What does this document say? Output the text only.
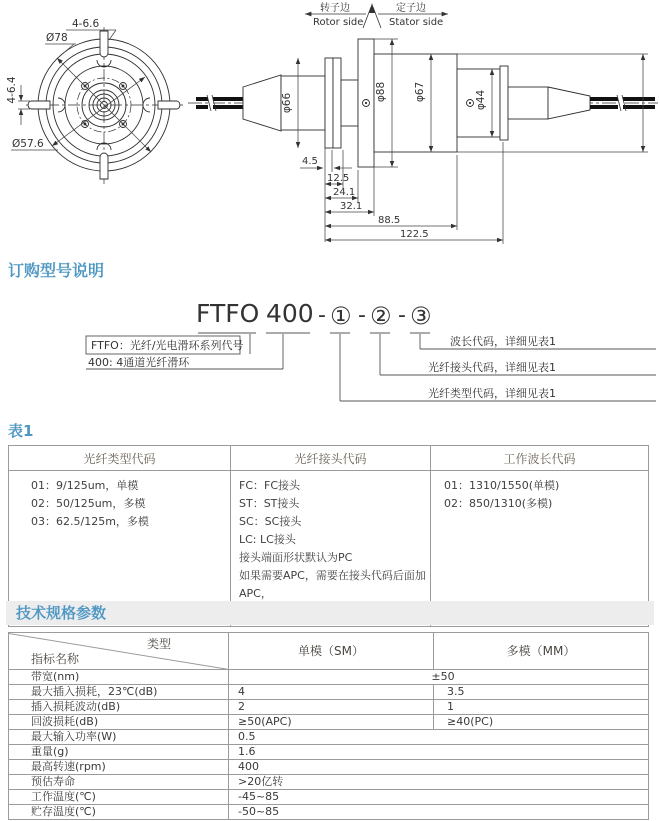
4-6.6
Ø78
4-6.4
Ø57.6
转子边
Rotor side
定子边
Stator side
φ66
φ88	φ67	φ44
4.5
12.5
24.1
32.1
88.5
122.5
订购型号说明
FTFO 400 - ① - ② - ③
FTFO：光纤/光电滑环系列代号
400: 4通道光纤滑环
波长代码，详细见表1
光纤接头代码，详细见表1
光纤类型代码，详细见表1
表1
光纤类型代码	光纤接头代码	工作波长代码

01：9/125um，单模
02：50/125um，多模
03：62.5/125m，多模

FC：FC接头
ST：ST接头
SC：SC接头
LC: LC接头
接头端面形状默认为PC
如果需要APC，需要在接头代码后面加APC，

01：1310/1550(单模)
02：850/1310(多模)
技术规格参数
类型
指标名称	单模（SM）	多模（MM）
带宽(nm)	±50	
最大插入损耗，23℃(dB)	4	3.5
插入损耗波动(dB)	2	1
回波损耗(dB)	≥50(APC)	≥40(PC)
最大输入功率(W)	0.5	
重量(g)	1.6	
最高转速(rpm)	400	
预估寿命	>20亿转	
工作温度(℃)	-45~85	
贮存温度(℃)	-50~85	
